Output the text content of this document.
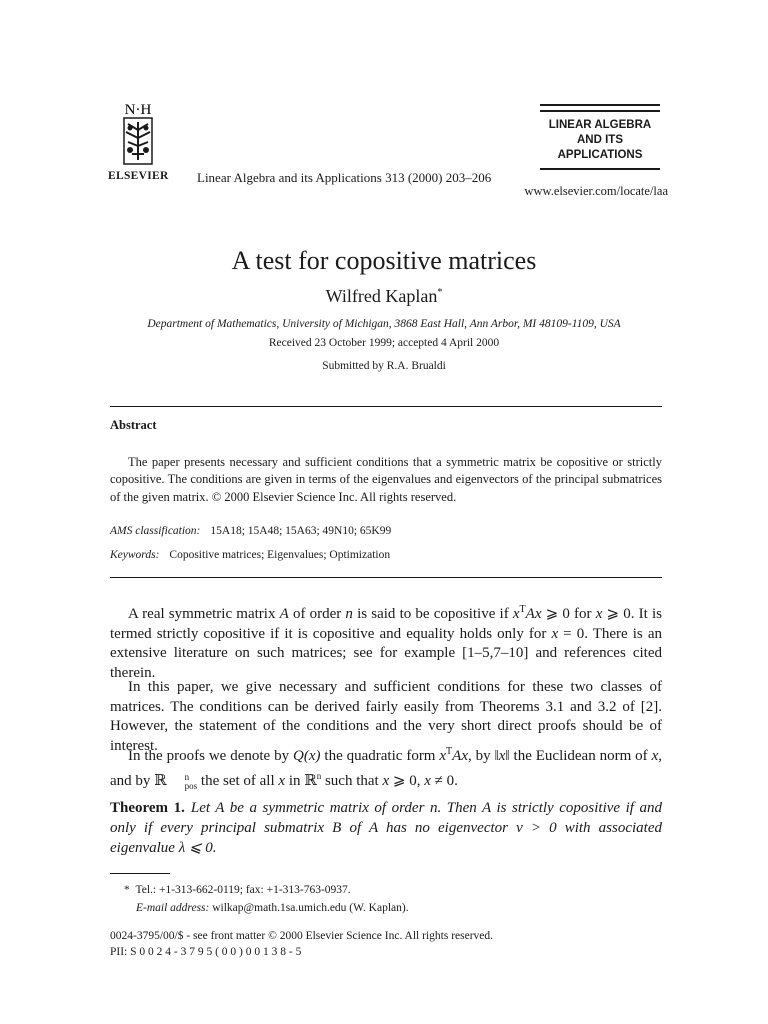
N·H
ELSEVIER Linear Algebra and its Applications 313 (2000) 203–206
LINEAR ALGEBRA
AND ITS
APPLICATIONS
www.elsevier.com/locate/laa
A test for copositive matrices
Wilfred Kaplan*
Department of Mathematics, University of Michigan, 3868 East Hall, Ann Arbor, MI 48109-1109, USA
Received 23 October 1999; accepted 4 April 2000
Submitted by R.A. Brualdi
Abstract
The paper presents necessary and sufficient conditions that a symmetric matrix be copositive or strictly copositive. The conditions are given in terms of the eigenvalues and eigenvectors of the principal submatrices of the given matrix. © 2000 Elsevier Science Inc. All rights reserved.
AMS classification: 15A18; 15A48; 15A63; 49N10; 65K99
Keywords: Copositive matrices; Eigenvalues; Optimization
A real symmetric matrix A of order n is said to be copositive if $x^TAx$ ⩾ 0 for x ⩾ 0. It is termed strictly copositive if it is copositive and equality holds only for x = 0. There is an extensive literature on such matrices; see for example [1–5,7–10] and references cited therein.
In this paper, we give necessary and sufficient conditions for these two classes of matrices. The conditions can be derived fairly easily from Theorems 3.1 and 3.2 of [2]. However, the statement of the conditions and the very short direct proofs should be of interest.
In the proofs we denote by Q(x) the quadratic form $x^TAx$, by ‖x‖ the Euclidean norm of x, and by ℝ	n
pos the set of all x in ℝ$^n$ such that x ⩾ 0, x ≠ 0.
Theorem 1. Let A be a symmetric matrix of order n. Then A is strictly copositive if and only if every principal submatrix B of A has no eigenvector v > 0 with associated eigenvalue λ ⩽ 0.
* Tel.: +1-313-662-0119; fax: +1-313-763-0937.
E-mail address: wilkap@math.1sa.umich.edu (W. Kaplan).
0024-3795/00/$ - see front matter © 2000 Elsevier Science Inc. All rights reserved.
PII: S 0 0 2 4 - 3 7 9 5 ( 0 0 ) 0 0 1 3 8 - 5
